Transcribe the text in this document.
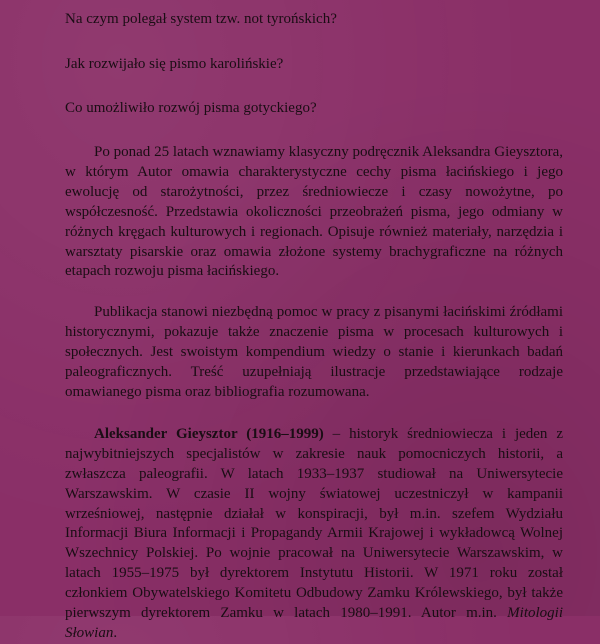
Na czym polegał system tzw. not tyrońskich?

Jak rozwijało się pismo karolińskie?

Co umożliwiło rozwój pisma gotyckiego?

Po ponad 25 latach wznawiamy klasyczny podręcznik Aleksandra Gieysztora, w którym Autor omawia charakterystyczne cechy pisma łacińskiego i jego ewolucję od starożytności, przez średniowiecze i czasy nowożytne, po współczesność. Przedstawia okoliczności przeobrażeń pisma, jego odmiany w różnych kręgach kulturowych i regionach. Opisuje również materiały, narzędzia i warsztaty pisarskie oraz omawia złożone systemy brachygraficzne na różnych etapach rozwoju pisma łacińskiego.

Publikacja stanowi niezbędną pomoc w pracy z pisanymi łacińskimi źródłami historycznymi, pokazuje także znaczenie pisma w procesach kulturowych i społecznych. Jest swoistym kompendium wiedzy o stanie i kierunkach badań paleograficznych. Treść uzupełniają ilustracje przedstawiające rodzaje omawianego pisma oraz bibliografia rozumowana.

Aleksander Gieysztor (1916–1999) – historyk średniowiecza i jeden z najwybitniejszych specjalistów w zakresie nauk pomocniczych historii, a zwłaszcza paleografii. W latach 1933–1937 studiował na Uniwersytecie Warszawskim. W czasie II wojny światowej uczestniczył w kampanii wrześniowej, następnie działał w konspiracji, był m.in. szefem Wydziału Informacji Biura Informacji i Propagandy Armii Krajowej i wykładowcą Wolnej Wszechnicy Polskiej. Po wojnie pracował na Uniwersytecie Warszawskim, w latach 1955–1975 był dyrektorem Instytutu Historii. W 1971 roku został członkiem Obywatelskiego Komitetu Odbudowy Zamku Królewskiego, był także pierwszym dyrektorem Zamku w latach 1980–1991. Autor m.in. Mitologii Słowian.
